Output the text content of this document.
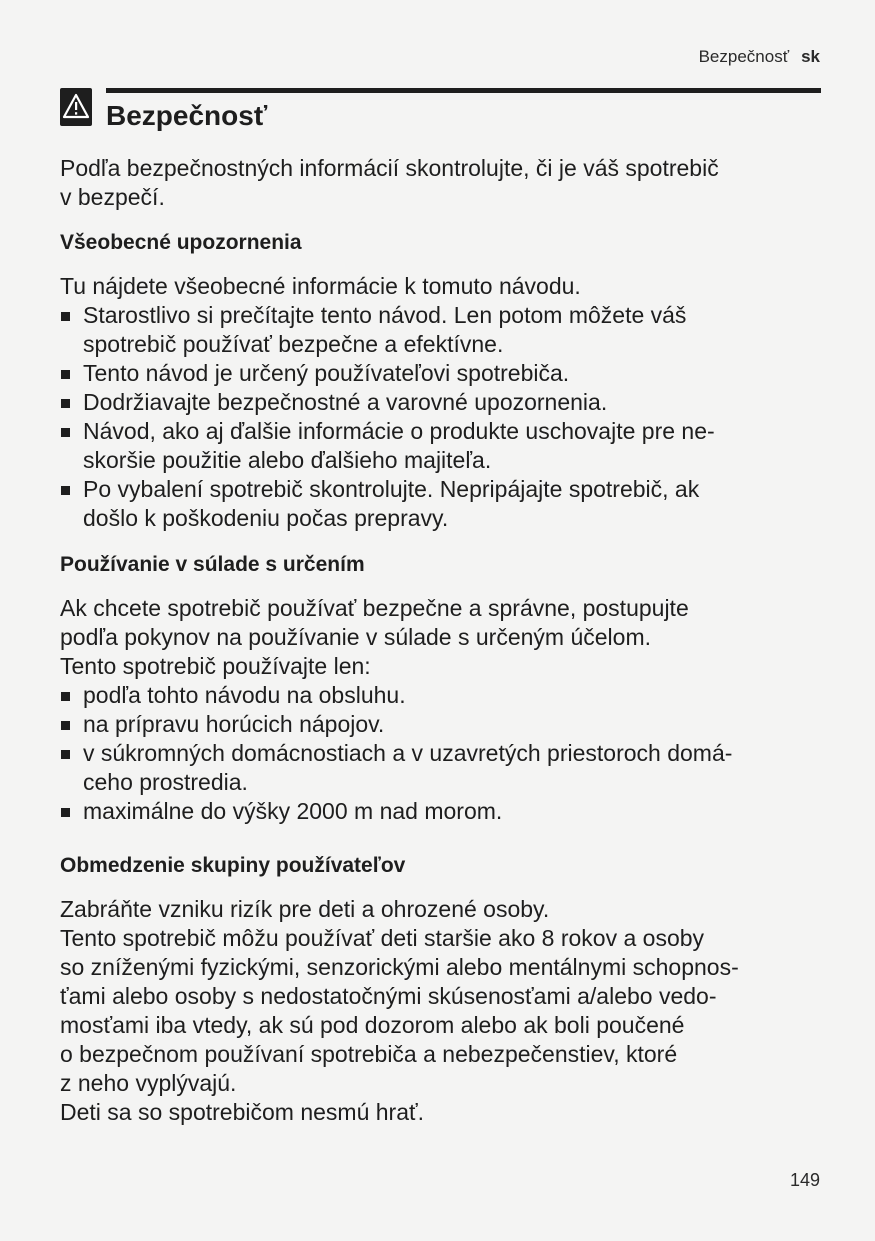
Bezpečnosť sk
Bezpečnosť

Podľa bezpečnostných informácií skontrolujte, či je váš spotrebič
v bezpečí.

Všeobecné upozornenia

Tu nájdete všeobecné informácie k tomuto návodu.

Starostlivo si prečítajte tento návod. Len potom môžete váš
spotrebič používať bezpečne a efektívne.
Tento návod je určený používateľovi spotrebiča.
Dodržiavajte bezpečnostné a varovné upozornenia.
Návod, ako aj ďalšie informácie o produkte uschovajte pre ne-
skoršie použitie alebo ďalšieho majiteľa.
Po vybalení spotrebič skontrolujte. Nepripájajte spotrebič, ak
došlo k poškodeniu počas prepravy.
Používanie v súlade s určením

Ak chcete spotrebič používať bezpečne a správne, postupujte
podľa pokynov na používanie v súlade s určeným účelom.
Tento spotrebič používajte len:

podľa tohto návodu na obsluhu.
na prípravu horúcich nápojov.
v súkromných domácnostiach a v uzavretých priestoroch domá-
ceho prostredia.
maximálne do výšky 2000 m nad morom.
Obmedzenie skupiny používateľov

Zabráňte vzniku rizík pre deti a ohrozené osoby.
Tento spotrebič môžu používať deti staršie ako 8 rokov a osoby
so zníženými fyzickými, senzorickými alebo mentálnymi schopnos-
ťami alebo osoby s nedostatočnými skúsenosťami a/alebo vedo-
mosťami iba vtedy, ak sú pod dozorom alebo ak boli poučené
o bezpečnom používaní spotrebiča a nebezpečenstiev, ktoré
z neho vyplývajú.
Deti sa so spotrebičom nesmú hrať.

149
